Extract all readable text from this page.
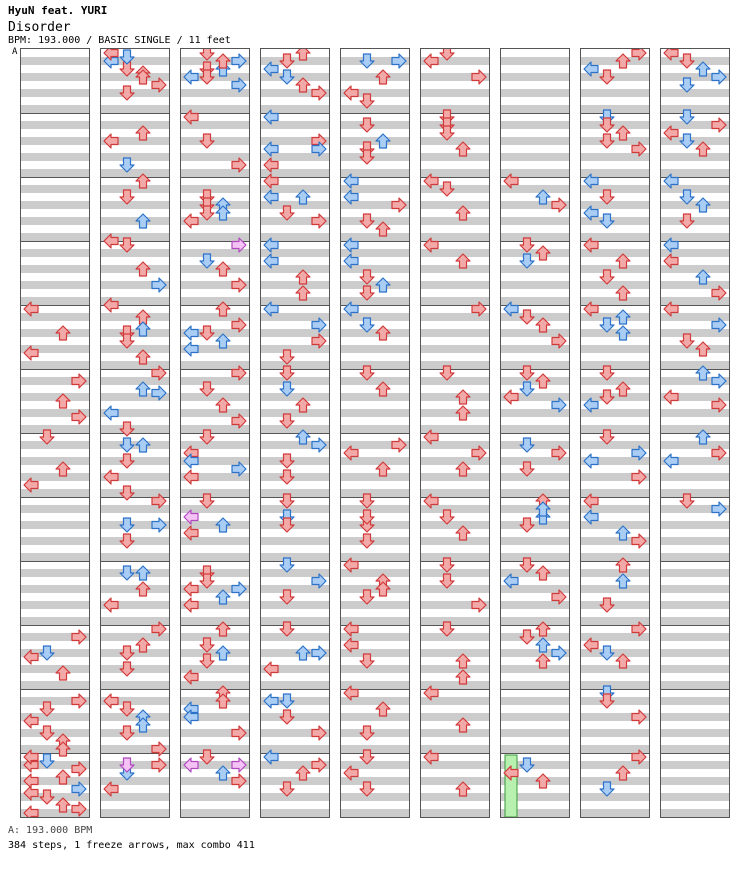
HyuN feat. YURI
Disorder
BPM: 193.000 / BASIC SINGLE / 11 feet
A
A: 193.000 BPM
384 steps, 1 freeze arrows, max combo 411
